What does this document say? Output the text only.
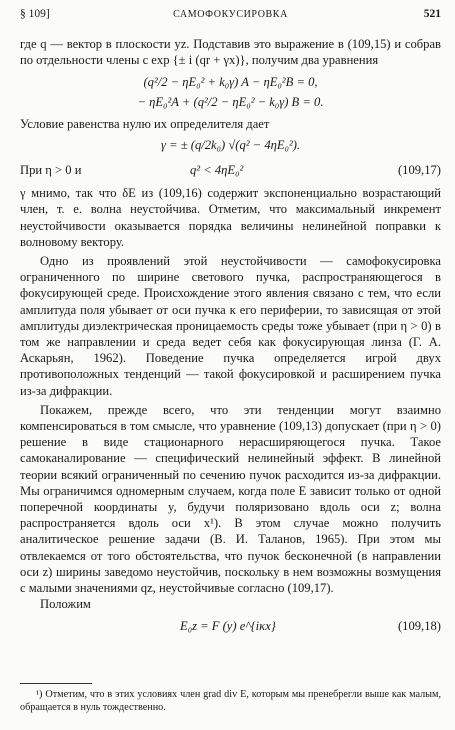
§ 109]	САМОФОКУСИРОВКА	521

где q — вектор в плоскости yz. Подставив это выражение в (109,15) и собрав по отдельности члены с exp {± i (qr + γx)}, получим два уравнения

(q²/2 − ηE₀² + k₀γ) A − ηE₀²B = 0,
− ηE₀²A + (q²/2 − ηE₀² − k₀γ) B = 0.

Условие равенства нулю их определителя дает

γ = ± (q/2k₀) √(q² − 4ηE₀²).
При η > 0 и	q² < 4ηE₀²	(109,17)

γ мнимо, так что δE из (109,16) содержит экспоненциально возрастающий член, т. е. волна неустойчива. Отметим, что максимальный инкремент неустойчивости оказывается порядка величины нелинейной поправки к волновому вектору.

Одно из проявлений этой неустойчивости — самофокусировка ограниченного по ширине светового пучка, распространяющегося в фокусирующей среде. Происхождение этого явления связано с тем, что если амплитуда поля убывает от оси пучка к его периферии, то зависящая от этой амплитуды диэлектрическая проницаемость среды тоже убывает (при η > 0) в том же направлении и среда ведет себя как фокусирующая линза (Г. А. Аскарьян, 1962). Поведение пучка определяется игрой двух противоположных тенденций — такой фокусировкой и расширением пучка из-за дифракции.

Покажем, прежде всего, что эти тенденции могут взаимно компенсироваться в том смысле, что уравнение (109,13) допускает (при η > 0) решение в виде стационарного нерасширяющегося пучка. Такое самоканалирование — специфический нелинейный эффект. В линейной теории всякий ограниченный по сечению пучок расходится из-за дифракции. Мы ограничимся одномерным случаем, когда поле E зависит только от одной поперечной координаты y, будучи поляризовано вдоль оси z; волна распространяется вдоль оси x¹). В этом случае можно получить аналитическое решение задачи (В. И. Таланов, 1965). При этом мы отвлекаемся от того обстоятельства, что пучок бесконечной (в направлении оси z) ширины заведомо неустойчив, поскольку в нем возможны возмущения с малыми значениями qz, неустойчивые согласно (109,17).

Положим

E₀z = F (y) e^{iκx}	(109,18)
¹) Отметим, что в этих условиях член grad div E, которым мы пренебрегли выше как малым, обращается в нуль тождественно.
